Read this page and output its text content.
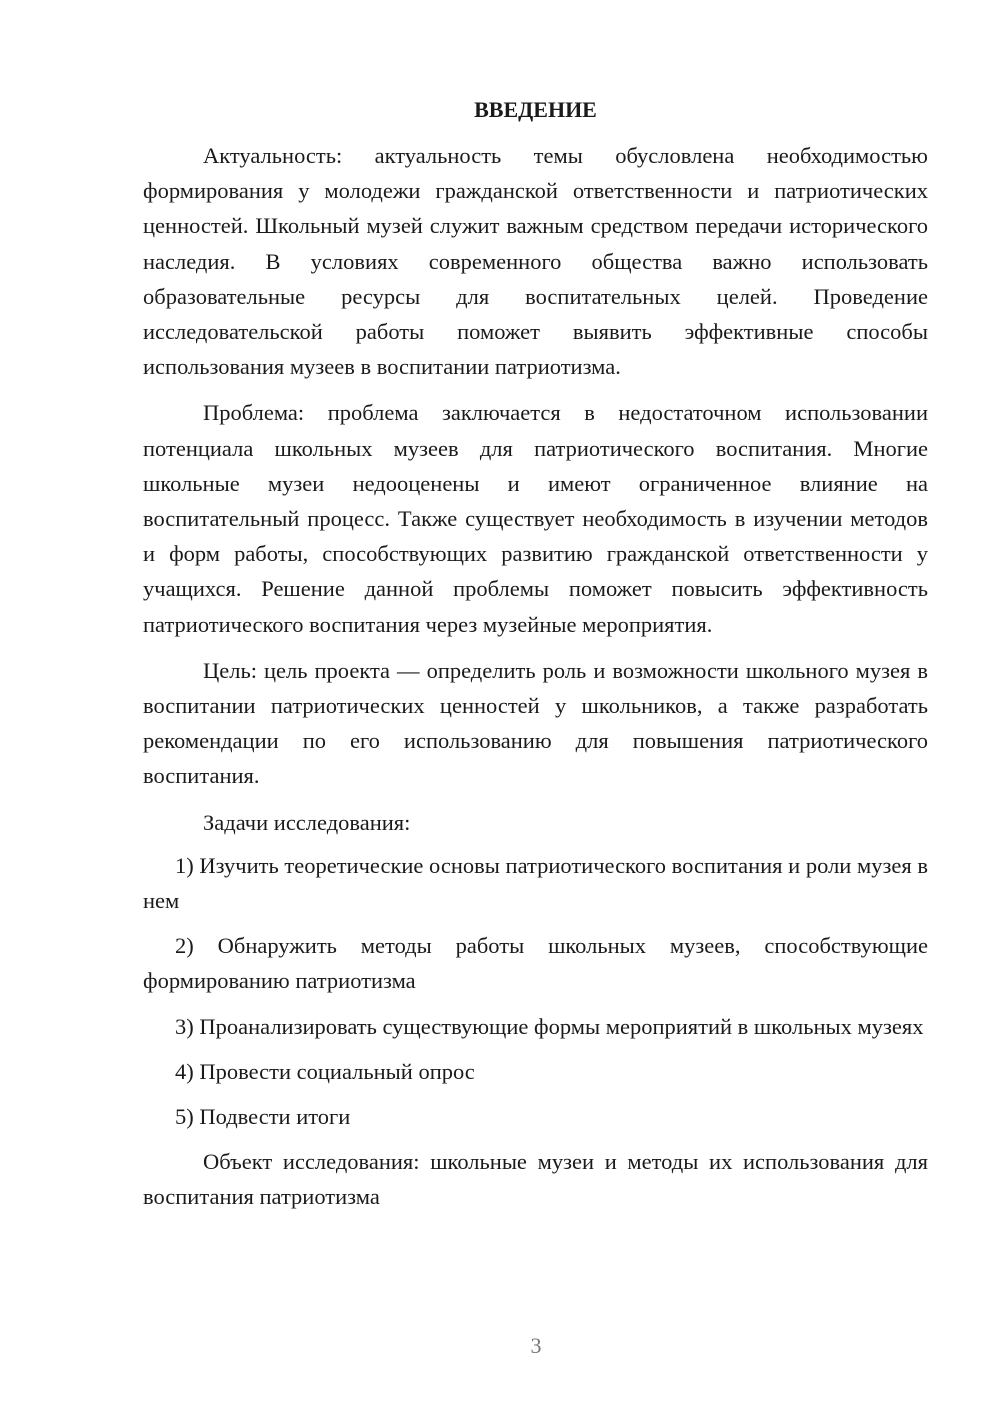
ВВЕДЕНИЕ

Актуальность: актуальность темы обусловлена необходимостью формирования у молодежи гражданской ответственности и патриотических ценностей. Школьный музей служит важным средством передачи исторического наследия. В условиях современного общества важно использовать образовательные ресурсы для воспитательных целей. Проведение исследовательской работы поможет выявить эффективные способы использования музеев в воспитании патриотизма.

Проблема: проблема заключается в недостаточном использовании потенциала школьных музеев для патриотического воспитания. Многие школьные музеи недооценены и имеют ограниченное влияние на воспитательный процесс. Также существует необходимость в изучении методов и форм работы, способствующих развитию гражданской ответственности у учащихся. Решение данной проблемы поможет повысить эффективность патриотического воспитания через музейные мероприятия.

Цель: цель проекта — определить роль и возможности школьного музея в воспитании патриотических ценностей у школьников, а также разработать рекомендации по его использованию для повышения патриотического воспитания.

Задачи исследования:

1) Изучить теоретические основы патриотического воспитания и роли музея в нем

2) Обнаружить методы работы школьных музеев, способствующие формированию патриотизма

3) Проанализировать существующие формы мероприятий в школьных музеях

4) Провести социальный опрос

5) Подвести итоги

Объект исследования: школьные музеи и методы их использования для воспитания патриотизма

3
